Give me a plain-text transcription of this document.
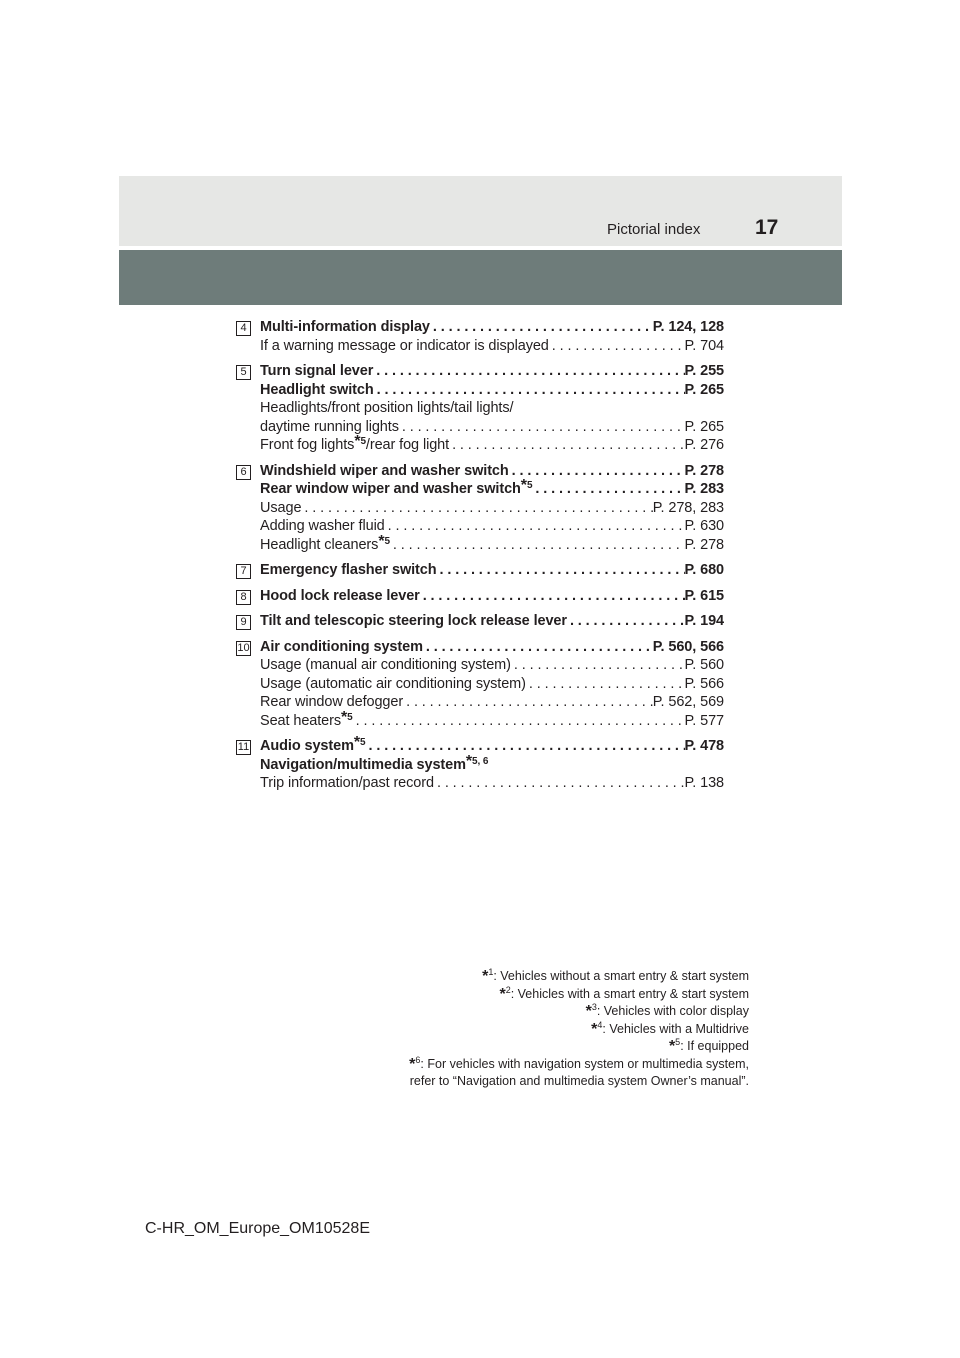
Pictorial index	17
4 Multi-information display . . .	P. 124, 128
If a warning message or indicator is displayed . . .	P. 704
5 Turn signal lever . . .	P. 255
Headlight switch . . .	P. 265
Headlights/front position lights/tail lights/
daytime running lights . . .	P. 265
Front fog lights$^{*5}$/rear fog light . . .	P. 276
6 Windshield wiper and washer switch . . .	P. 278
Rear window wiper and washer switch$^{*5}$ . . .	P. 283
Usage . . .	P. 278, 283
Adding washer fluid . . .	P. 630
Headlight cleaners$^{*5}$ . . .	P. 278
7 Emergency flasher switch . . .	P. 680
8 Hood lock release lever . . .	P. 615
9 Tilt and telescopic steering lock release lever . . .	P. 194
10 Air conditioning system . . .	P. 560, 566
Usage (manual air conditioning system) . . .	P. 560
Usage (automatic air conditioning system) . . .	P. 566
Rear window defogger . . .	P. 562, 569
Seat heaters$^{*5}$ . . .	P. 577
11 Audio system$^{*5}$ . . .	P. 478
Navigation/multimedia system$^{*5, 6}$
Trip information/past record . . .	P. 138
*$^1$: Vehicles without a smart entry & start system
*$^2$: Vehicles with a smart entry & start system
*$^3$: Vehicles with color display
*$^4$: Vehicles with a Multidrive
*$^5$: If equipped
*$^6$: For vehicles with navigation system or multimedia system,
refer to “Navigation and multimedia system Owner’s manual”.
C-HR_OM_Europe_OM10528E
